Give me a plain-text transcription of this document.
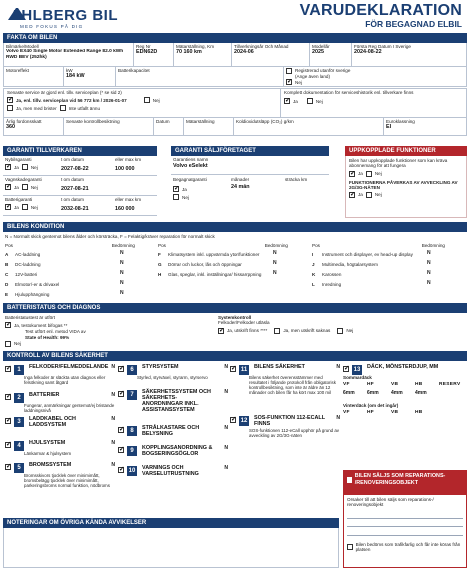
AHLBERG BIL
MED FOKUS PÅ DIG
VARUDEKLARATION
FÖR BEGAGNAD ELBIL
FAKTA OM BILEN
Bilmärke/Modell
Volvo EX40 Single Motor Extended Range 82.0 kWh RWD BEV (252hk)
Reg Nr
EDN62D
Mätarställning, Km
70 160 km
Tillverkningsår Och Månad
2024-06
Modellår
2025
Första Reg Datum I Sverige
2024-08-22
Motoreffekt	kW
184 kW
Batterikapacitet	Registrerad utanför sverige
(Ange även land)
✓
Nej
Senaste service är gjord enl. tillv. serviceplan (* se sid 2)
✓
Ja, enl. tillv. serviceplan vid 56 772 km / 2026-01-07	Nej
Ja, men med brister	Inte utfallt ännu
Komplett dokumentation för serviceshistorik enl. tillverkare finns
✓
Ja	Nej
Årlig fordonsskatt
360
Senaste kontrollbesiktning	Datum	Mätarställning	Koldioxidutsläpp (CO₂) g/km	Euroklassning
EI
GARANTI TILLVERKAREN
Nybilsgaranti	t om datum	eller max km
✓
Ja	Nej	2027-08-22	100 000
Vagnskadegaranti	t om datum
✓
Ja	Nej	2027-08-21
Batterigaranti	t om datum	eller max km
✓
Ja	Nej	2032-08-21	160 000
GARANTI SÄLJFÖRETAGET
Garantiens namn
Volvo eSelekt
Begagnatgaranti	månader	sträcka km
24 mån
✓
Ja
Nej
UPPKOPPLADE FUNKTIONER
Bilen har uppkopplade funktioner som kan kräva abonnemang för att fungera
✓
Ja	Nej
FUNKTIONERNA PÅVERKAS AV AVVECKLING AV 2G/3G-NÄTEN
✓
Ja	Nej
BILENS KONDITION
N = Normalt skick gentemot bilens ålder och körsträcka, F = Felaktig/kräver reparation för normalt skick
Pos	Bedömning
A	AC-laddning	N
B	DC-laddning	N
C	12V-batteri	N
D	Elmotor/-er & drivaxel	N
E	Hjulupphängning	N
Pos	Bedömning
F	Klimatsystem inkl. uppvärmda ytor/funktioner	N
G	Dörrar och luckor, lås och öppningar	N
H	Glas, speglar, inkl. inställningar/ hissarrppning	N
Pos	Bedömning
I	Instrument och displayer, ev head-up display	N
J	Multimedia, högtalarsystem	N
K	Karossen	N
L	Inredning	N
BATTERISTATUS OCH DIAGNOS
Batteristatustest är utfört
✓
Ja, testokument bifogas **
Test utfört enl. metod VIDA av
State of Health: 99%
Nej
Systemkontroll
Felkoder/Felkoder utläsla
✓
Ja, utskrift finns ****	Ja, men utskrift saknas	Nej
KONTROLL AV BILENS SÄKERHET
✓
1	FELKODER/FELMEDDELANDE N
Inga felkoder är släckta utan diagnos eller felsökning samt åtgärd
✓
2	BATTERIER	N
Fungerar, anmärkningar gentemot/ej bristande laddningsnivå
✓
3	LADDKABEL OCH LADDSYSTEM
N
✓
4	HJULSYSTEM	N
Länkarmar & hjulsystem
✓
5	BROMSSYSTEM	N
Bromsskivors tjocklek över minimimått, bromsbelägg tjocklek över minimimått, parkeringsbroms normal funktion, nödbroms
✓
6	STYRSYSTEM	N
Styrled, styrväxel, styrarm, styrservo
✓
7	SÄKERHETSSYSTEM OCH SÄKERHETS-ANORDNINGAR INKL. ASSISTANSSYSTEM
N
✓
8	STRÅLKASTARE OCH BELYSNING
N
✓
9	KOPPLINGSANORDNING & BOGSERINGSÖGLOR
N
✓
10	VARNINGS OCH VARSELUTRUSTNING
N
✓
11	BILENS SÄKERHET	N
Bilens säkerhet överensstämmer med resultatet i följande protokoll från obligatorisk kontrollbesiktning, som inte är äldre än 12 månader och bilen får ha kört max 100 mil
✓
12	SOS-FUNKTION 112-ECALL FINNS
N
SOS-funktionen 112-eCall upphör på grund av avveckling av 2G/3G-näten
✓
13	DÄCK, MÖNSTERDJUP, MM
Sommardäck
VF	HF	VB	HB	RESERV
6mm	6mm	4mm	4mm
Vinterdäck (om det ingår)
VF	HF	VB	HB
BILEN SÄLJS SOM REPARATIONS- /RENOVERINGSOBJEKT
Orsaker till att bilen säljs som reparations-/ renoveringsobjekt
Bilen bedöms som trafikfarlig och får inte köras från platsen
NOTERINGAR OM ÖVRIGA KÄNDA AVVIKELSER
